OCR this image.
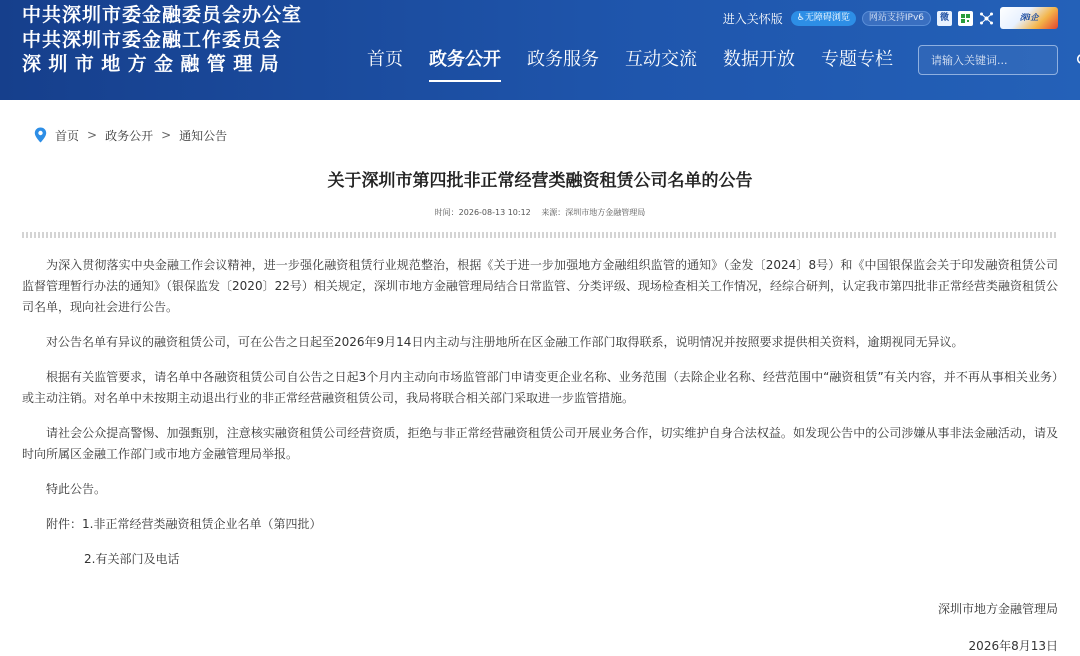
中共深圳市委金融委员会办公室
中共深圳市委金融工作委员会
深圳市地方金融管理局
进入关怀版	♿无障碍浏览	网站支持IPv6	微	深i企
首页	政务公开	政务服务	互动交流	数据开放	专题专栏
请输入关键词...
首页 > 政务公开 > 通知公告
关于深圳市第四批非正常经营类融资租赁公司名单的公告
时间：2026-08-13 10:12 来源：深圳市地方金融管理局

为深入贯彻落实中央金融工作会议精神，进一步强化融资租赁行业规范整治，根据《关于进一步加强地方金融组织监管的通知》（金发〔2024〕8号）和《中国银保监会关于印发融资租赁公司监督管理暂行办法的通知》（银保监发〔2020〕22号）相关规定，深圳市地方金融管理局结合日常监管、分类评级、现场检查相关工作情况，经综合研判，认定我市第四批非正常经营类融资租赁公司名单，现向社会进行公告。

对公告名单有异议的融资租赁公司，可在公告之日起至2026年9月14日内主动与注册地所在区金融工作部门取得联系，说明情况并按照要求提供相关资料，逾期视同无异议。

根据有关监管要求，请名单中各融资租赁公司自公告之日起3个月内主动向市场监管部门申请变更企业名称、业务范围（去除企业名称、经营范围中“融资租赁”有关内容，并不再从事相关业务）或主动注销。对名单中未按期主动退出行业的非正常经营融资租赁公司，我局将联合相关部门采取进一步监管措施。

请社会公众提高警惕、加强甄别，注意核实融资租赁公司经营资质，拒绝与非正常经营融资租赁公司开展业务合作，切实维护自身合法权益。如发现公告中的公司涉嫌从事非法金融活动，请及时向所属区金融工作部门或市地方金融管理局举报。

特此公告。

附件：1.非正常经营类融资租赁企业名单（第四批）

2.有关部门及电话

深圳市地方金融管理局
2026年8月13日
